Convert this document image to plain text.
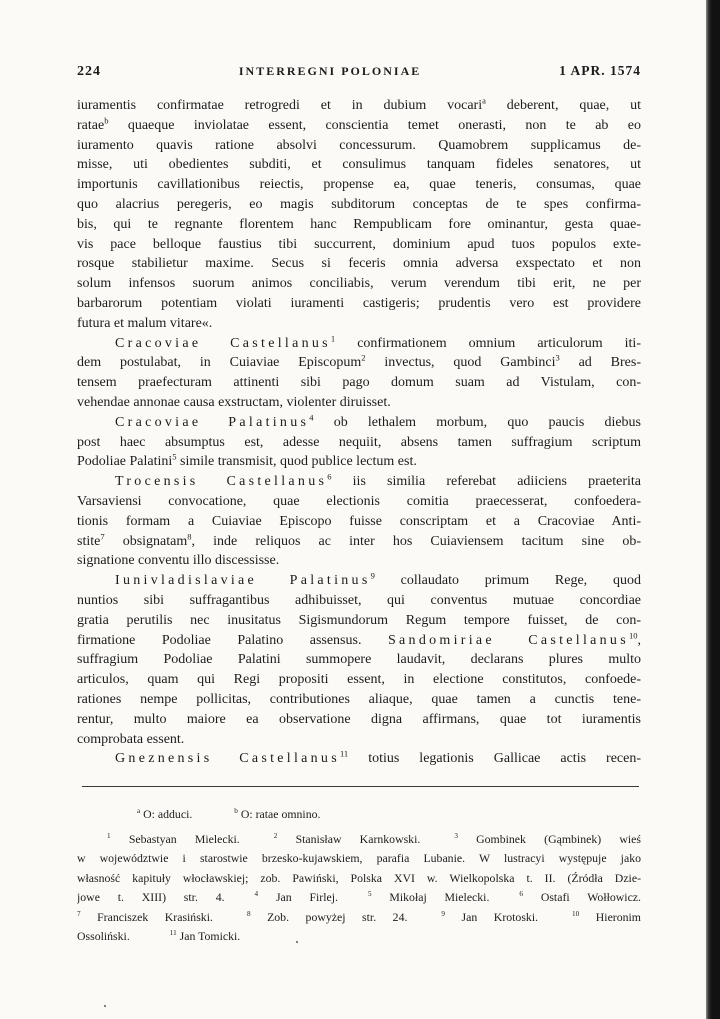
224	INTERREGNI POLONIAE	1 APR. 1574
iuramentis confirmatae retrogredi et in dubium vocari$^a$ deberent, quae, ut
ratae$^b$ quaeque inviolatae essent, conscientia temet onerasti, non te ab eo
iuramento quavis ratione absolvi concessurum. Quamobrem supplicamus de-
misse, uti obedientes subditi, et consulimus tanquam fideles senatores, ut
importunis cavillationibus reiectis, propense ea, quae teneris, consumas, quae
quo alacrius peregeris, eo magis subditorum conceptas de te spes confirma-
bis, qui te regnante florentem hanc Rempublicam fore ominantur, gesta quae-
vis pace belloque faustius tibi succurrent, dominium apud tuos populos exte-
rosque stabilietur maxime. Secus si feceris omnia adversa exspectato et non
solum infensos suorum animos conciliabis, verum verendum tibi erit, ne per
barbarorum potentiam violati iuramenti castigeris; prudentis vero est providere
futura et malum vitare«.
Cracoviae Castellanus$^1$ confirmationem omnium articulorum iti-
dem postulabat, in Cuiaviae Episcopum$^2$ invectus, quod Gambinci$^3$ ad Bres-
tensem praefecturam attinenti sibi pago domum suam ad Vistulam, con-
vehendae annonae causa exstructam, violenter diruisset.
Cracoviae Palatinus$^4$ ob lethalem morbum, quo paucis diebus
post haec absumptus est, adesse nequiit, absens tamen suffragium scriptum
Podoliae Palatini$^5$ simile transmisit, quod publice lectum est.
Trocensis Castellanus$^6$ iis similia referebat adiiciens praeterita
Varsaviensi convocatione, quae electionis comitia praecesserat, confoedera-
tionis formam a Cuiaviae Episcopo fuisse conscriptam et a Cracoviae Anti-
stite$^7$ obsignatam$^8$, inde reliquos ac inter hos Cuiaviensem tacitum sine ob-
signatione conventu illo discessisse.
Iunivladislaviae Palatinus$^9$ collaudato primum Rege, quod
nuntios sibi suffragantibus adhibuisset, qui conventus mutuae concordiae
gratia perutilis nec inusitatus Sigismundorum Regum tempore fuisset, de con-
firmatione Podoliae Palatino assensus. Sandomiriae Castellanus$^{10}$,
suffragium Podoliae Palatini summopere laudavit, declarans plures multo
articulos, quam qui Regi propositi essent, in electione constitutos, confoede-
rationes nempe pollicitas, contributiones aliaque, quae tamen a cunctis tene-
rentur, multo maiore ea observatione digna affirmans, quae tot iuramentis
comprobata essent.
Gneznensis Castellanus$^{11}$ totius legationis Gallicae actis recen-
$^a$ O: adduci.	$^b$ O: ratae omnino.
$^1$ Sebastyan Mielecki.	$^2$ Stanisław Karnkowski.	$^3$ Gombinek (Gąmbinek) wieś
w województwie i starostwie brzesko-kujawskiem, parafia Lubanie. W lustracyi występuje jako
własność kapituły włocławskiej; zob. Pawiński, Polska XVI w. Wielkopolska t. II. (Źródła Dzie-
jowe t. XIII) str. 4.	$^4$ Jan Firlej.	$^5$ Mikołaj Mielecki.	$^6$ Ostafi Wołłowicz.
$^7$ Franciszek Krasiński.	$^8$ Zob. powyżej str. 24.	$^9$ Jan Krotoski.	$^{10}$ Hieronim
Ossoliński.	$^{11}$ Jan Tomicki.
